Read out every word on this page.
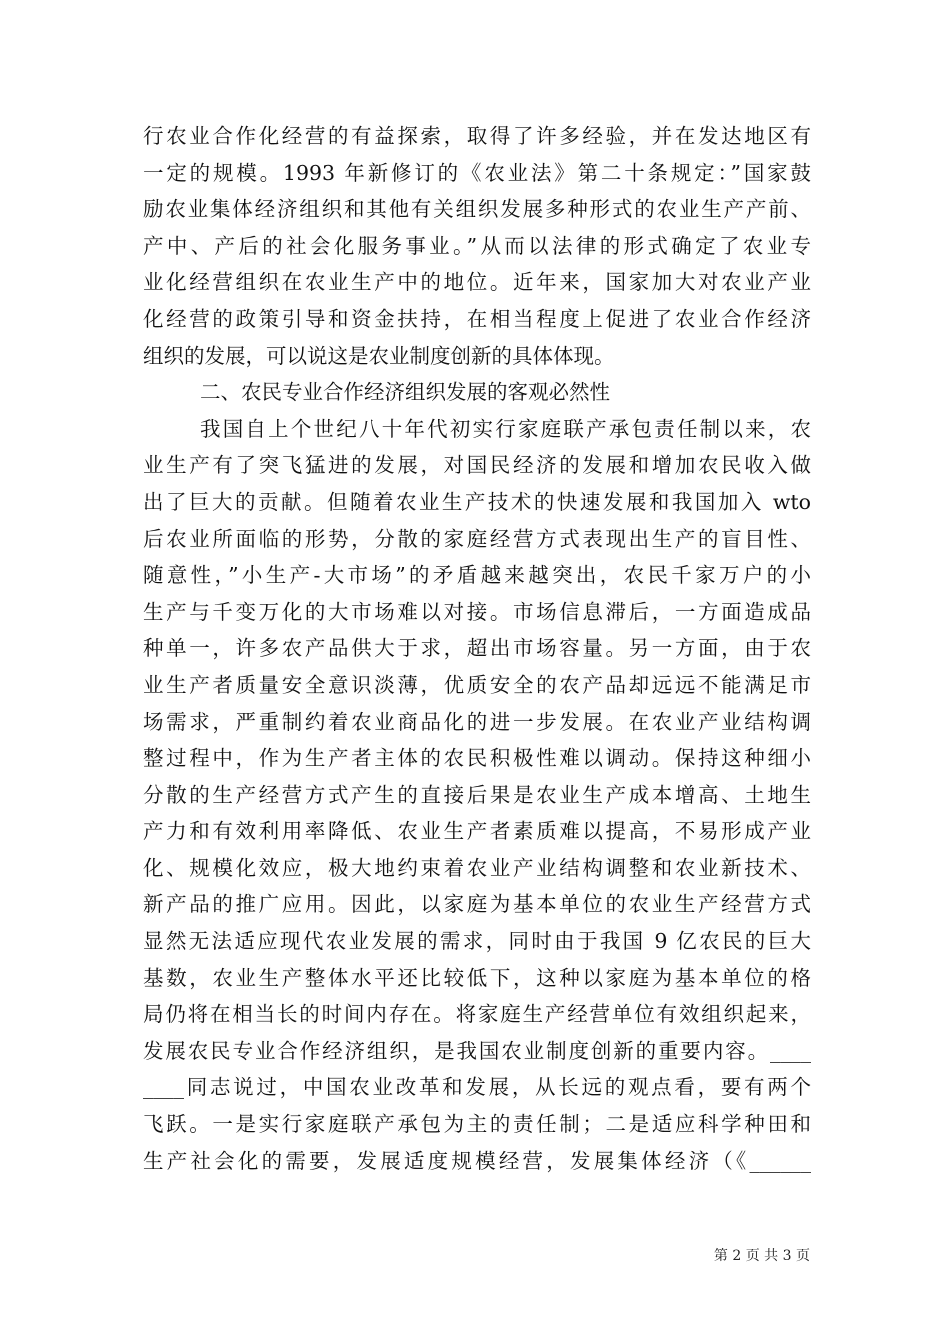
行农业合作化经营的有益探索，取得了许多经验，并在发达地区有
一定的规模。1993 年新修订的《农业法》第二十条规定：”国家鼓
励农业集体经济组织和其他有关组织发展多种形式的农业生产产前、
产中、产后的社会化服务事业。”从而以法律的形式确定了农业专
业化经营组织在农业生产中的地位。近年来，国家加大对农业产业
化经营的政策引导和资金扶持，在相当程度上促进了农业合作经济
组织的发展，可以说这是农业制度创新的具体体现。
二、农民专业合作经济组织发展的客观必然性
我国自上个世纪八十年代初实行家庭联产承包责任制以来，农
业生产有了突飞猛进的发展，对国民经济的发展和增加农民收入做
出了巨大的贡献。但随着农业生产技术的快速发展和我国加入 wto
后农业所面临的形势，分散的家庭经营方式表现出生产的盲目性、
随意性，”小生产-大市场”的矛盾越来越突出，农民千家万户的小
生产与千变万化的大市场难以对接。市场信息滞后，一方面造成品
种单一，许多农产品供大于求，超出市场容量。另一方面，由于农
业生产者质量安全意识淡薄，优质安全的农产品却远远不能满足市
场需求，严重制约着农业商品化的进一步发展。在农业产业结构调
整过程中，作为生产者主体的农民积极性难以调动。保持这种细小
分散的生产经营方式产生的直接后果是农业生产成本增高、土地生
产力和有效利用率降低、农业生产者素质难以提高，不易形成产业
化、规模化效应，极大地约束着农业产业结构调整和农业新技术、
新产品的推广应用。因此，以家庭为基本单位的农业生产经营方式
显然无法适应现代农业发展的需求，同时由于我国 9 亿农民的巨大
基数，农业生产整体水平还比较低下，这种以家庭为基本单位的格
局仍将在相当长的时间内存在。将家庭生产经营单位有效组织起来，
发展农民专业合作经济组织，是我国农业制度创新的重要内容。____
____同志说过，中国农业改革和发展，从长远的观点看，要有两个
飞跃。一是实行家庭联产承包为主的责任制；二是适应科学种田和
生产社会化的需要，发展适度规模经营，发展集体经济（《______
第 2 页 共 3 页
